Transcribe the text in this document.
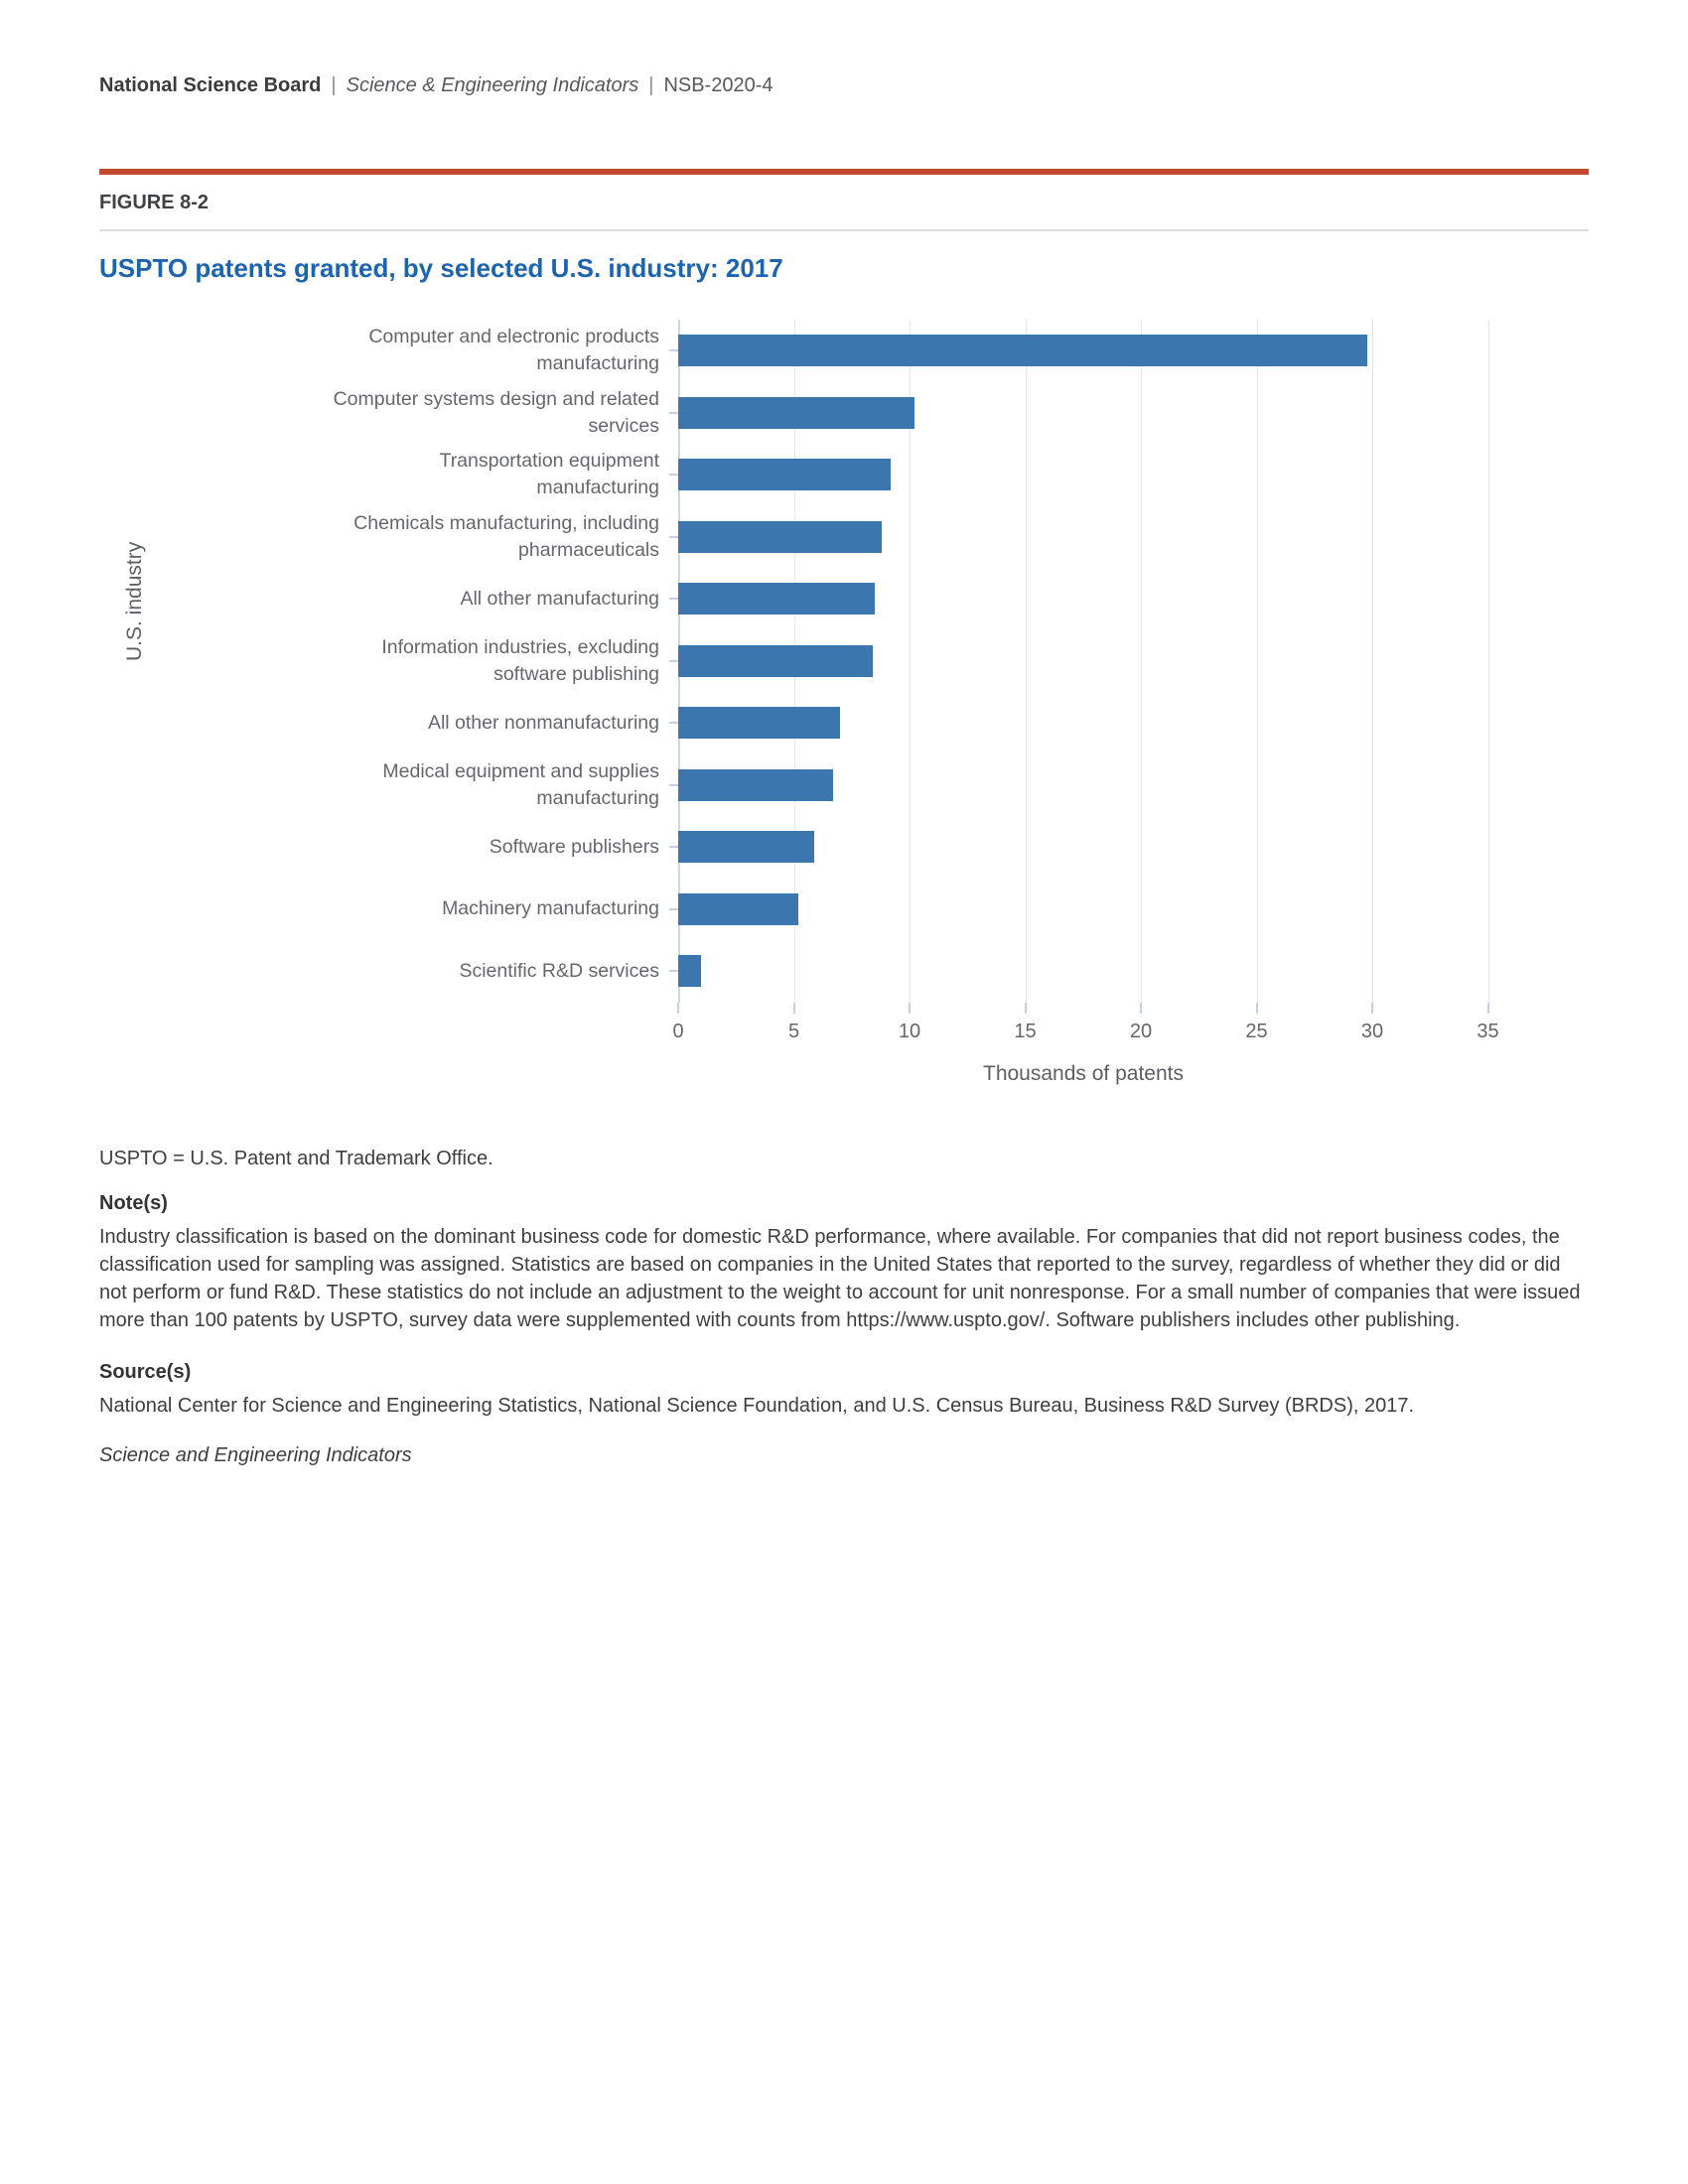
National Science Board | Science & Engineering Indicators | NSB-2020-4
FIGURE 8-2
USPTO patents granted, by selected U.S. industry: 2017
U.S. industry
0	5	10	15	20	25	30	35
Thousands of patents
Computer and electronic products manufacturing
Computer systems design and related services
Transportation equipment manufacturing
Chemicals manufacturing, including pharmaceuticals
All other manufacturing
Information industries, excluding software publishing
All other nonmanufacturing
Medical equipment and supplies manufacturing
Software publishers
Machinery manufacturing
Scientific R&D services
USPTO = U.S. Patent and Trademark Office.
Note(s)
Industry classification is based on the dominant business code for domestic R&D performance, where available. For companies that did not report business codes, the classification used for sampling was assigned. Statistics are based on companies in the United States that reported to the survey, regardless of whether they did or did not perform or fund R&D. These statistics do not include an adjustment to the weight to account for unit nonresponse. For a small number of companies that were issued more than 100 patents by USPTO, survey data were supplemented with counts from https://www.uspto.gov/. Software publishers includes other publishing.
Source(s)
National Center for Science and Engineering Statistics, National Science Foundation, and U.S. Census Bureau, Business R&D Survey (BRDS), 2017.
Science and Engineering Indicators
